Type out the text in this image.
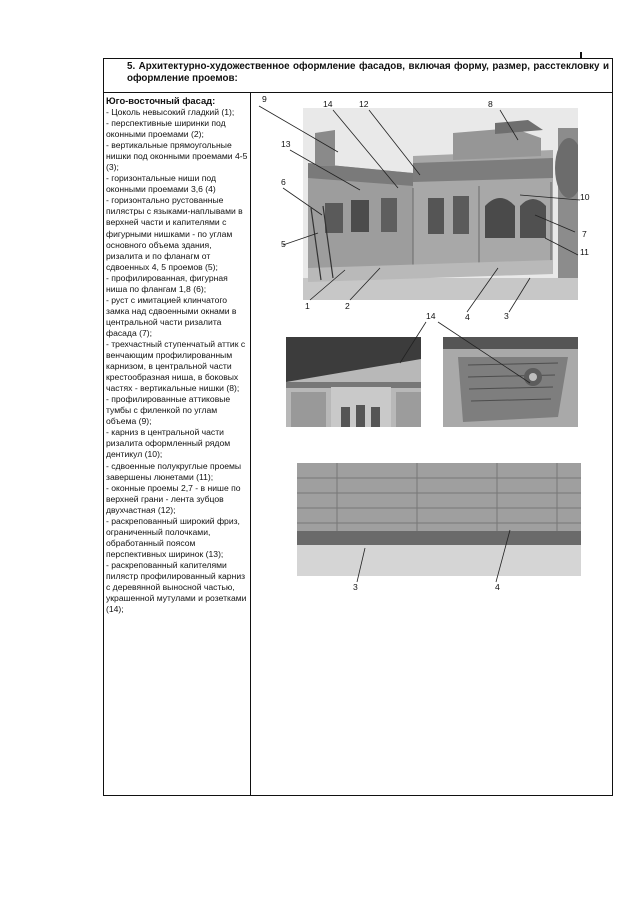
5. Архитектурно-художественное оформление фасадов, включая форму, размер, расстекловку и оформление проемов:
Юго-восточный фасад:
- Цоколь невысокий гладкий (1);
- перспективные ширинки под оконными проемами (2);
- вертикальные прямоугольные нишки под оконными проемами 4-5 (3);
- горизонтальные ниши под оконными проемами 3,6 (4)
- горизонтально рустованные пилястры с языками-наплывами в верхней части и капителями с фигурными нишками - по углам основного объема здания, ризалита и по фланагм от сдвоенных 4, 5 проемов (5);
- профилированная, фигурная ниша по флангам 1,8 (6);
- руст с имитацией клинчатого замка над сдвоенными окнами в центральной части ризалита фасада (7);
- трехчастный ступенчатый аттик с венчающим профилированным карнизом, в центральной части крестообразная ниша, в боковых частях - вертикальные нишки (8);
- профилированные аттиковые тумбы с филенкой по углам объема (9);
- карниз в центральной части ризалита оформленный рядом дентикул (10);
- сдвоенные полукруглые проемы завершены люнетами (11);
- оконные проемы 2,7 - в нише по верхней грани - лента зубцов двухчастная (12);
- раскрепованный широкий фриз, ограниченный полочками, обработанный поясом перспективных ширинок (13);
- раскрепованный капителями пилястр профилированный карниз с деревянной выносной частью, украшенной мутулами и розетками (14);
9	14	12	8
13
6
10
7
5
11
1	2
4	3
14
3	4
